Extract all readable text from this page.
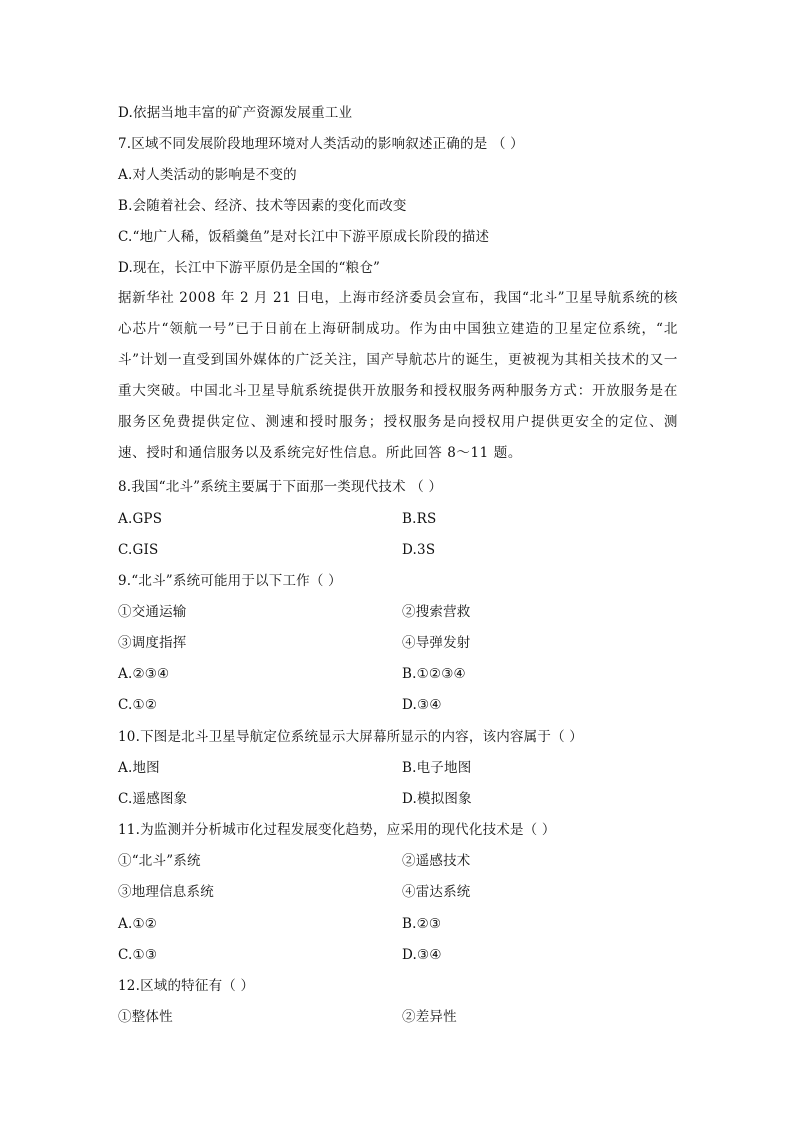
D.依据当地丰富的矿产资源发展重工业
7.区域不同发展阶段地理环境对人类活动的影响叙述正确的是 （ ）
A.对人类活动的影响是不变的
B.会随着社会、经济、技术等因素的变化而改变
C.“地广人稀，饭稻羹鱼”是对长江中下游平原成长阶段的描述
D.现在，长江中下游平原仍是全国的“粮仓”
据新华社 2008 年 2 月 21 日电，上海市经济委员会宣布，我国“北斗”卫星导航系统的核心芯片“领航一号”已于日前在上海研制成功。作为由中国独立建造的卫星定位系统，“北斗”计划一直受到国外媒体的广泛关注，国产导航芯片的诞生，更被视为其相关技术的又一重大突破。中国北斗卫星导航系统提供开放服务和授权服务两种服务方式：开放服务是在服务区免费提供定位、测速和授时服务；授权服务是向授权用户提供更安全的定位、测速、授时和通信服务以及系统完好性信息。所此回答 8～11 题。
8.我国“北斗”系统主要属于下面那一类现代技术 （ ）
A.GPS	B.RS
C.GIS	D.3S
9.“北斗”系统可能用于以下工作（ ）
①交通运输	②搜索营救
③调度指挥	④导弹发射
A.②③④	B.①②③④
C.①②	D.③④
10.下图是北斗卫星导航定位系统显示大屏幕所显示的内容，该内容属于（ ）
A.地图	B.电子地图
C.遥感图象	D.模拟图象
11.为监测并分析城市化过程发展变化趋势，应采用的现代化技术是（ ）
①“北斗”系统	②遥感技术
③地理信息系统	④雷达系统
A.①②	B.②③
C.①③	D.③④
12.区域的特征有（ ）
①整体性	②差异性
